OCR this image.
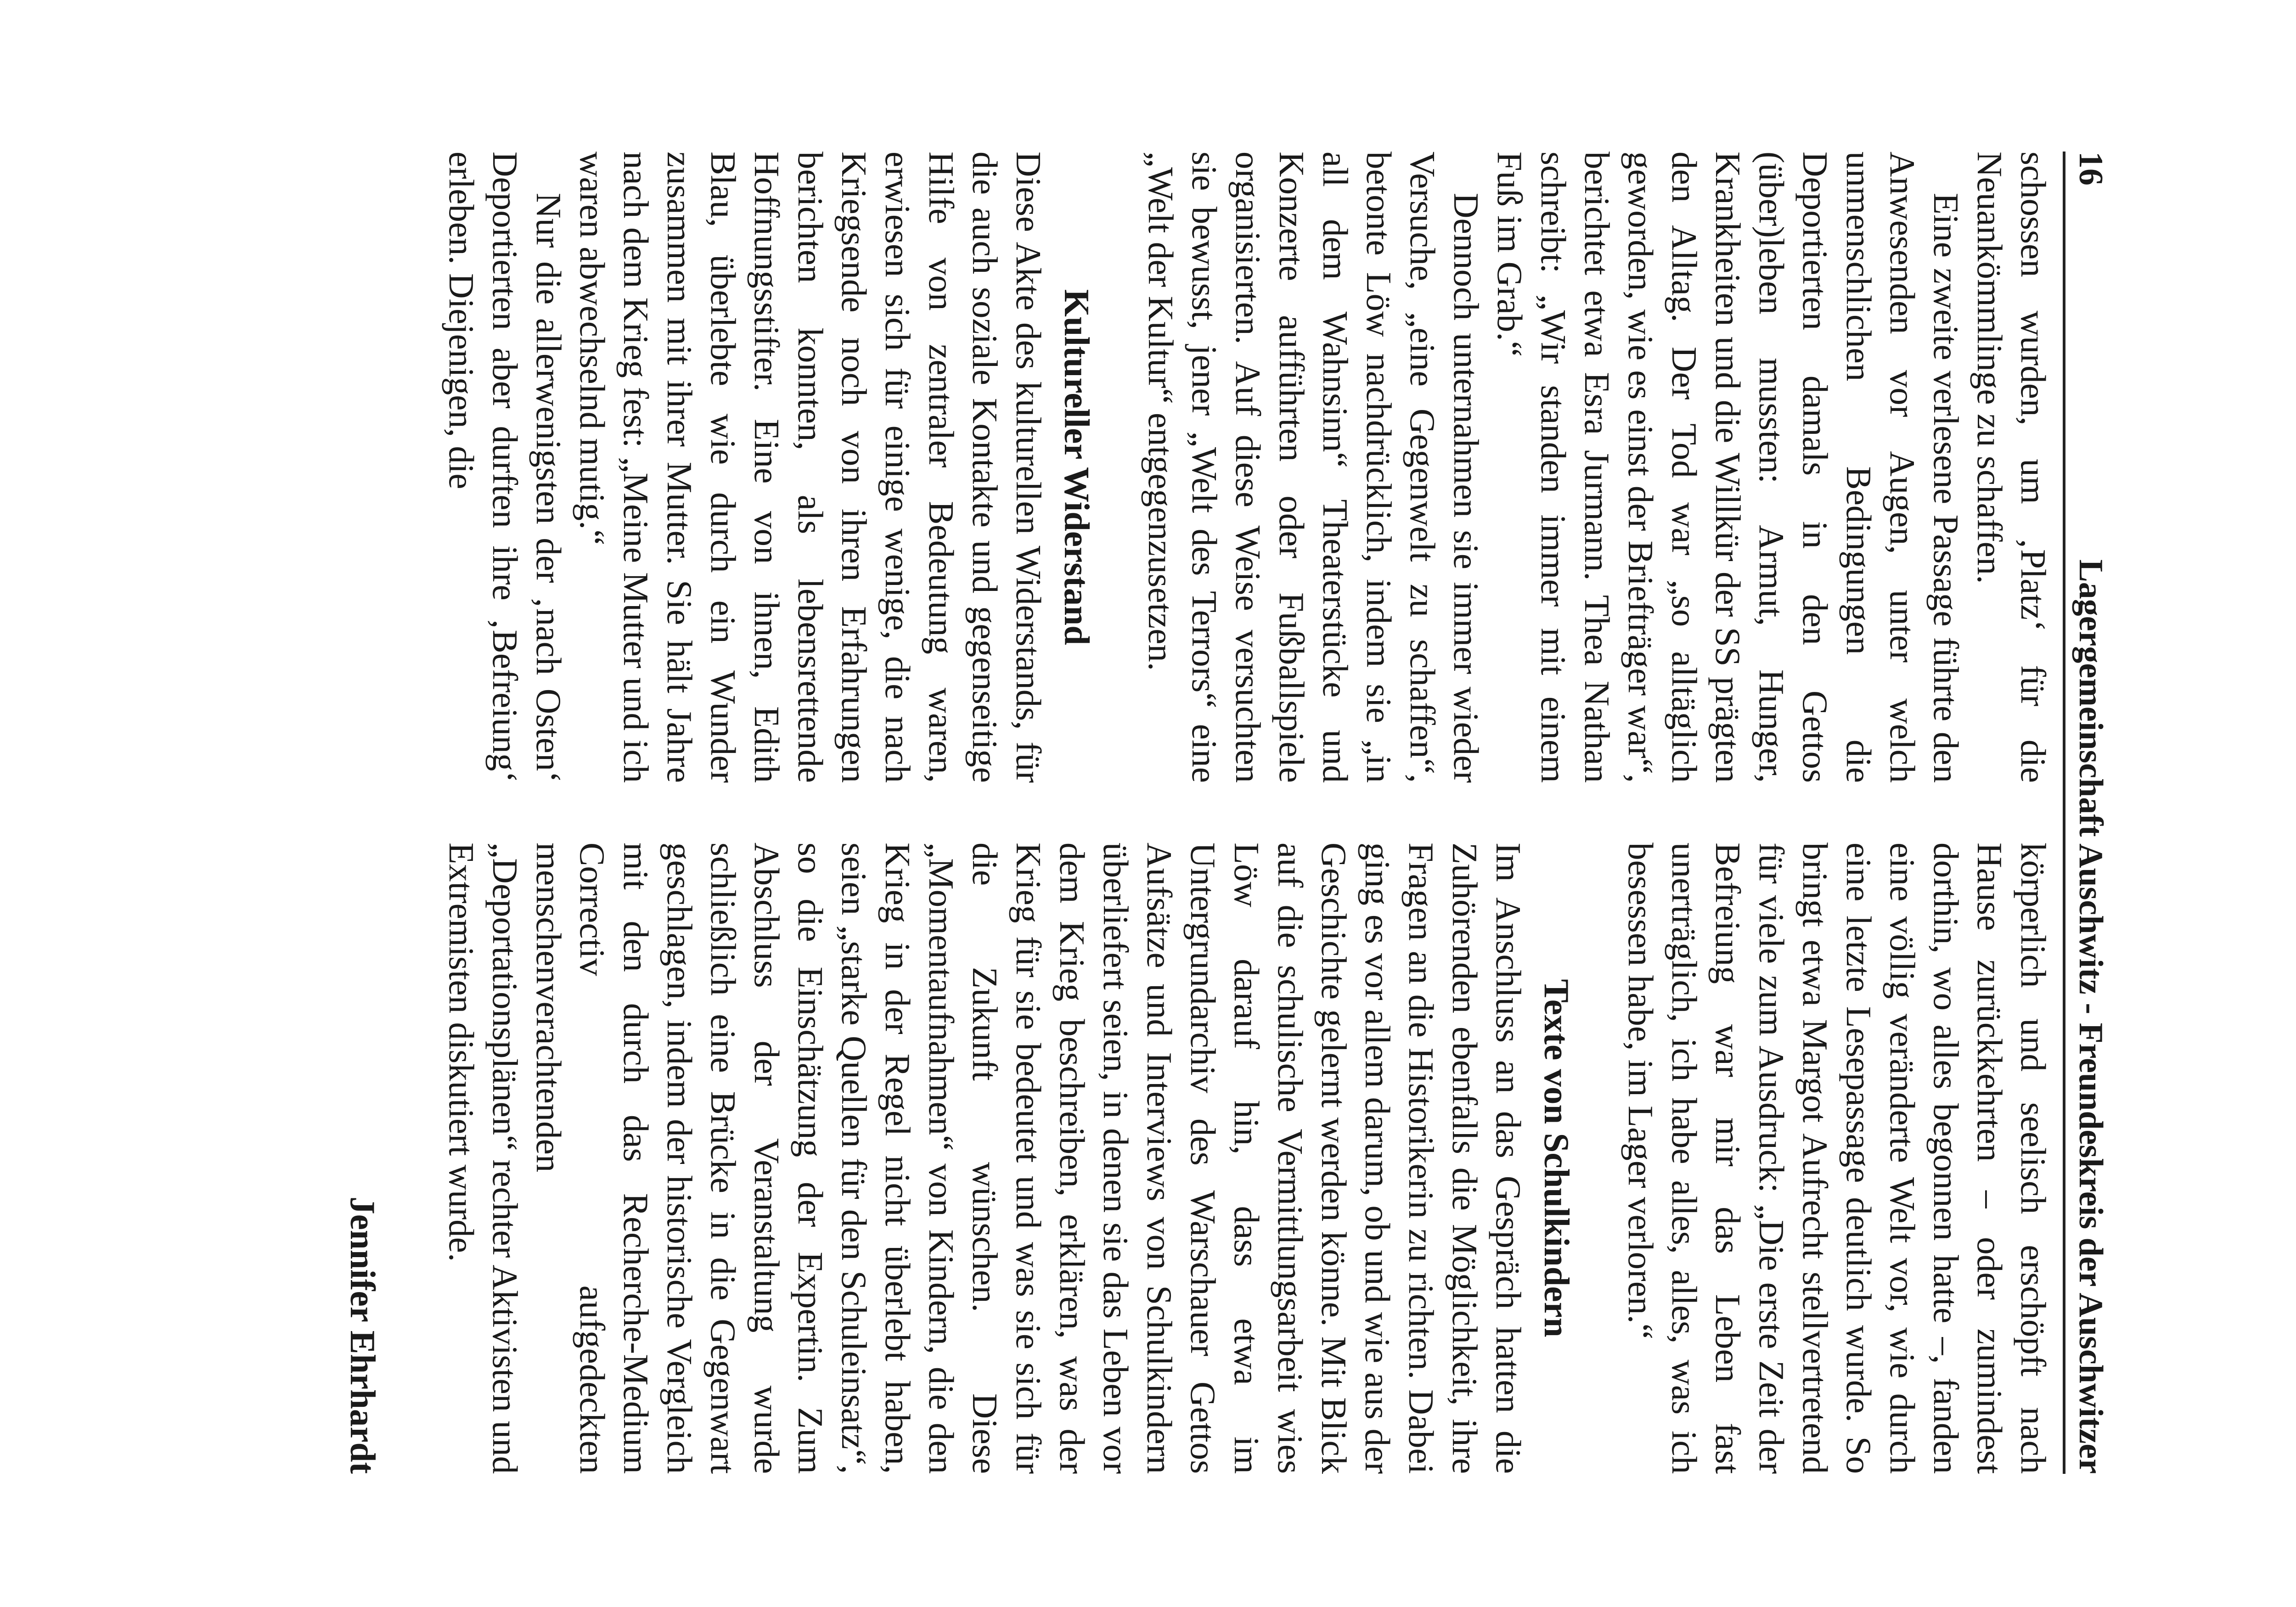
16
Lagergemeinschaft Auschwitz - Freundeskreis der Auschwitzer

schossen wurden, um ‚Platz‘ für die Neuankömmlinge zu schaffen.

Eine zweite verlesene Passage führte den Anwesenden vor Augen, unter welch unmenschlichen Bedingungen die Deportierten damals in den Gettos (über)leben mussten: Armut, Hunger, Krankheiten und die Willkür der SS prägten den Alltag. Der Tod war „so alltäglich geworden, wie es einst der Briefträger war“, berichtet etwa Esra Jurmann. Thea Nathan schreibt: „Wir standen immer mit einem Fuß im Grab.“

Dennoch unternahmen sie immer wieder Versuche, „eine Gegenwelt zu schaffen“, betonte Löw nachdrücklich, indem sie „in all dem Wahnsinn“ Theaterstücke und Konzerte aufführten oder Fußballspiele organisierten. Auf diese Weise versuchten sie bewusst, jener „Welt des Terrors“ eine „Welt der Kultur“ entgegenzusetzen.

Kultureller Widerstand

Diese Akte des kulturellen Widerstands, für die auch soziale Kontakte und gegenseitige Hilfe von zentraler Bedeutung waren, erwiesen sich für einige wenige, die nach Kriegsende noch von ihren Erfahrungen berichten konnten, als lebensrettende Hoffnungsstifter. Eine von ihnen, Edith Blau, überlebte wie durch ein Wunder zusammen mit ihrer Mutter. Sie hält Jahre nach dem Krieg fest: „Meine Mutter und ich waren abwechselnd mutig.“

Nur die allerwenigsten der ‚nach Osten‘ Deportierten aber durften ihre ‚Befreiung‘ erleben. Diejenigen, die

körperlich und seelisch erschöpft nach Hause zurückkehrten – oder zumindest dorthin, wo alles begonnen hatte –, fanden eine völlig veränderte Welt vor, wie durch eine letzte Lesepassage deutlich wurde. So bringt etwa Margot Aufrecht stellvertretend für viele zum Ausdruck: „Die erste Zeit der Befreiung war mir das Leben fast unerträglich, ich habe alles, alles, was ich besessen habe, im Lager verloren.“

Texte von Schulkindern

Im Anschluss an das Gespräch hatten die Zuhörenden ebenfalls die Möglichkeit, ihre Fragen an die Historikerin zu richten. Dabei ging es vor allem darum, ob und wie aus der Geschichte gelernt werden könne. Mit Blick auf die schulische Vermittlungsarbeit wies Löw darauf hin, dass etwa im Untergrundarchiv des Warschauer Gettos Aufsätze und Interviews von Schulkindern überliefert seien, in denen sie das Leben vor dem Krieg beschreiben, erklären, was der Krieg für sie bedeutet und was sie sich für die Zukunft wünschen. Diese „Momentaufnahmen“ von Kindern, die den Krieg in der Regel nicht überlebt haben, seien „starke Quellen für den Schuleinsatz“, so die Einschätzung der Expertin. Zum Abschluss der Veranstaltung wurde schließlich eine Brücke in die Gegenwart geschlagen, indem der historische Vergleich mit den durch das Recherche-Medium Correctiv aufgedeckten menschenverachtenden „Deportationsplänen“ rechter Aktivisten und Extremisten diskutiert wurde.

Jennifer Ehrhardt
